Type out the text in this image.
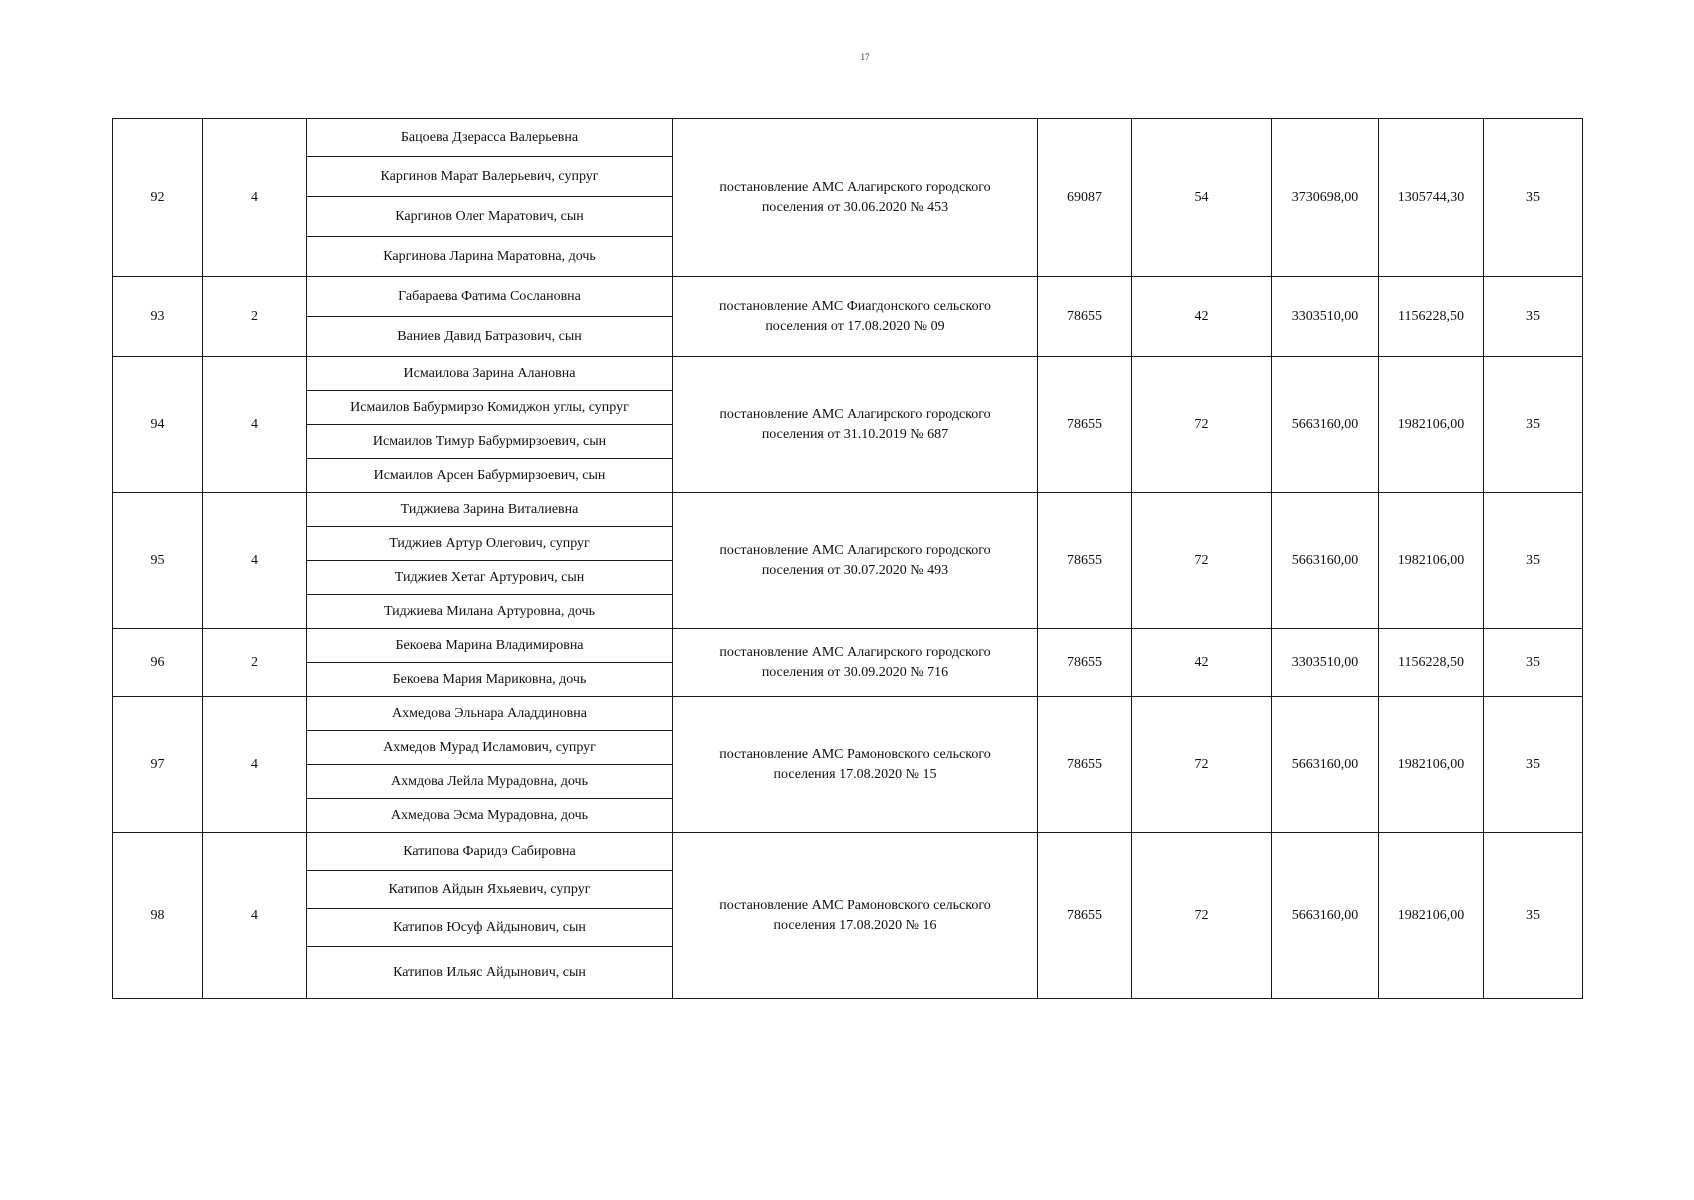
17
92	4	Бацоева Дзерасса Валерьевна	постановление АМС Алагирского городского поселения от 30.06.2020 № 453	69087	54	3730698,00	1305744,30	35
		Каргинов Марат Валерьевич, супруг						
		Каргинов Олег Маратович, сын						
		Каргинова Ларина Маратовна, дочь						
93	2	Габараева Фатима Сослановна	постановление АМС Фиагдонского сельского поселения от 17.08.2020 № 09	78655	42	3303510,00	1156228,50	35
		Ваниев Давид Батразович, сын						
94	4	Исмаилова Зарина Алановна	постановление АМС Алагирского городского поселения от 31.10.2019 № 687	78655	72	5663160,00	1982106,00	35
		Исмаилов Бабурмирзо Комиджон углы, супруг						
		Исмаилов Тимур Бабурмирзоевич, сын						
		Исмаилов Арсен Бабурмирзоевич, сын						
95	4	Тиджиева Зарина Виталиевна	постановление АМС Алагирского городского поселения от 30.07.2020 № 493	78655	72	5663160,00	1982106,00	35
		Тиджиев Артур Олегович, супруг						
		Тиджиев Хетаг Артурович, сын						
		Тиджиева Милана Артуровна, дочь						
96	2	Бекоева Марина Владимировна	постановление АМС Алагирского городского поселения от 30.09.2020 № 716	78655	42	3303510,00	1156228,50	35
		Бекоева Мария Мариковна, дочь						
97	4	Ахмедова Эльнара Аладдиновна	постановление АМС Рамоновского сельского поселения 17.08.2020 № 15	78655	72	5663160,00	1982106,00	35
		Ахмедов Мурад Исламович, супруг						
		Ахмдова Лейла Мурадовна, дочь						
		Ахмедова Эсма Мурадовна, дочь						
98	4	Катипова Фаридэ Сабировна	постановление АМС Рамоновского сельского поселения 17.08.2020 № 16	78655	72	5663160,00	1982106,00	35
		Катипов Айдын Яхьяевич, супруг						
		Катипов Юсуф Айдынович, сын						
		Катипов Ильяс Айдынович, сын						
